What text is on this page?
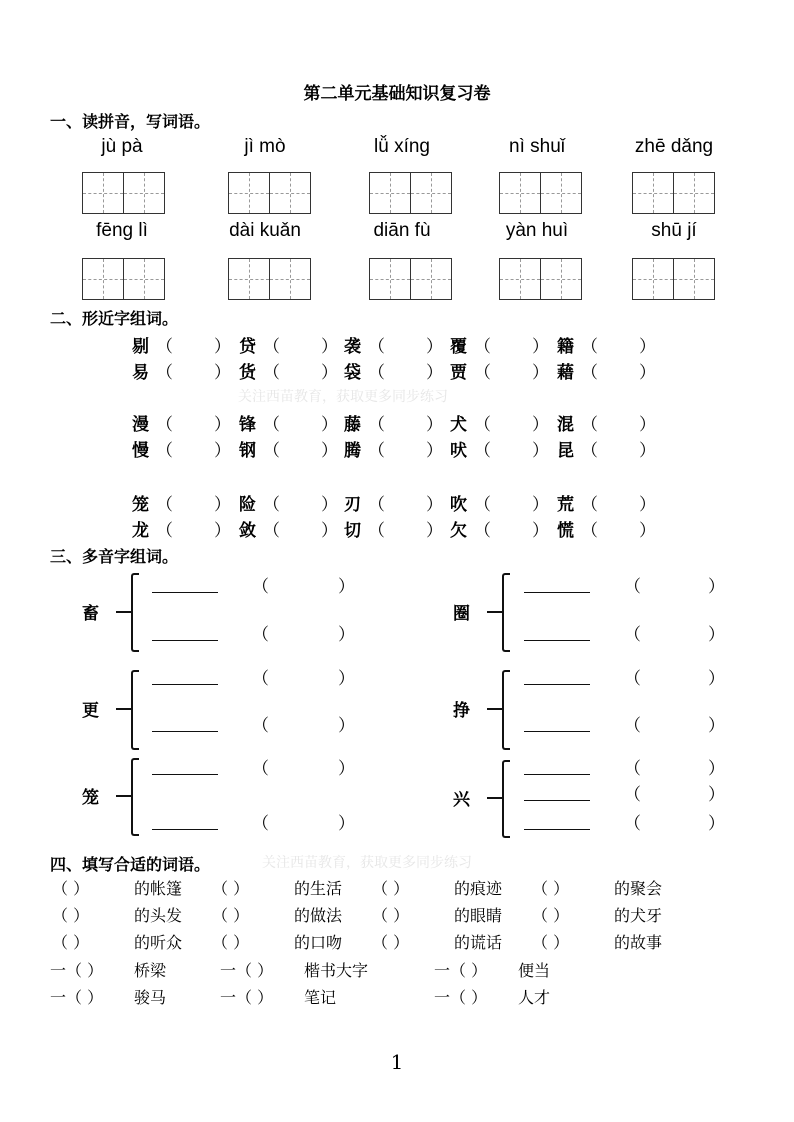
第二单元基础知识复习卷
一、读拼音，写词语。
jù pà	jì mò	lǚ xíng	nì shuǐ	zhē dǎng
fēng lì	dài kuǎn	diān fù	yàn huì	shū jí
二、形近字组词。
关注西苗教育，获取更多同步练习
剔 （ ） 贷 （ ） 袭 （ ） 覆 （ ） 籍 （ ）
易 （ ） 货 （ ） 袋 （ ） 贾 （ ） 藉 （ ）
漫 （ ） 锋 （ ） 藤 （ ） 犬 （ ） 混 （ ）
慢 （ ） 钢 （ ） 腾 （ ） 吠 （ ） 昆 （ ）
笼 （ ） 险 （ ） 刃 （ ） 吹 （ ） 荒 （ ）
龙 （ ） 敛 （ ） 切 （ ） 欠 （ ） 慌 （ ）
三、多音字组词。
畜
（	）
（	）
圈
（	）
（	）
更
（	）
（	）
挣
（	）
（	）
笼
（	）
（	）
兴
（	）
（	）
（	）
四、填写合适的词语。	关注西苗教育，获取更多同步练习
（ ）	的帐篷 （ ）	的生活 （ ）	的痕迹 （ ）	的聚会
（ ）	的头发 （ ）	的做法 （ ）	的眼睛 （ ）	的犬牙
（ ）	的听众 （ ）	的口吻 （ ）	的谎话 （ ）	的故事
一（ ） 桥梁	一（ ） 楷书大字	一（ ） 便当
一（ ） 骏马	一（ ） 笔记	一（ ） 人才
1
